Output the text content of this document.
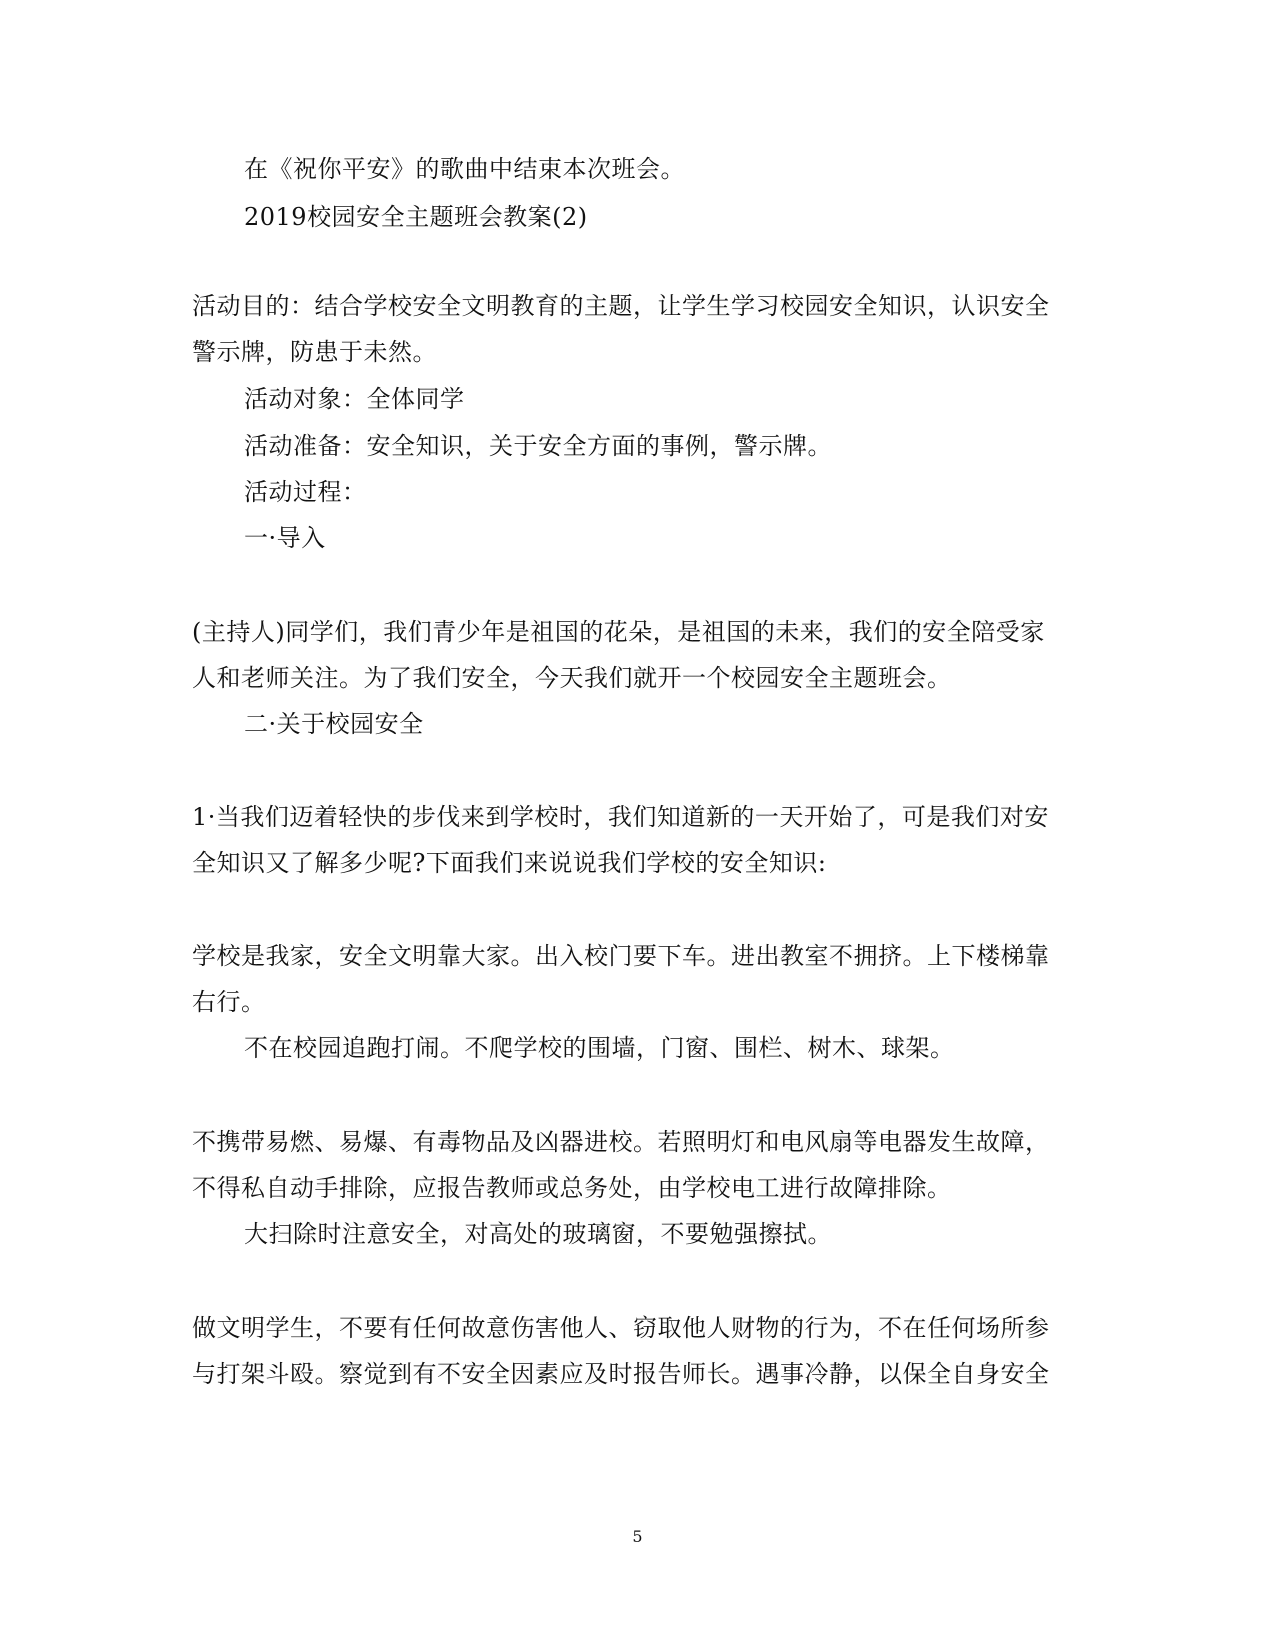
在《祝你平安》的歌曲中结束本次班会。
2019校园安全主题班会教案(2)
活动目的：结合学校安全文明教育的主题，让学生学习校园安全知识，认识安全
警示牌，防患于未然。
活动对象：全体同学
活动准备：安全知识，关于安全方面的事例，警示牌。
活动过程：
一·导入
(主持人)同学们，我们青少年是祖国的花朵，是祖国的未来，我们的安全陪受家
人和老师关注。为了我们安全，今天我们就开一个校园安全主题班会。
二·关于校园安全
1·当我们迈着轻快的步伐来到学校时，我们知道新的一天开始了，可是我们对安
全知识又了解多少呢?下面我们来说说我们学校的安全知识:
学校是我家，安全文明靠大家。出入校门要下车。进出教室不拥挤。上下楼梯靠
右行。
不在校园追跑打闹。不爬学校的围墙，门窗、围栏、树木、球架。
不携带易燃、易爆、有毒物品及凶器进校。若照明灯和电风扇等电器发生故障，
不得私自动手排除，应报告教师或总务处，由学校电工进行故障排除。
大扫除时注意安全，对高处的玻璃窗，不要勉强擦拭。
做文明学生，不要有任何故意伤害他人、窃取他人财物的行为，不在任何场所参
与打架斗殴。察觉到有不安全因素应及时报告师长。遇事冷静，以保全自身安全
5
